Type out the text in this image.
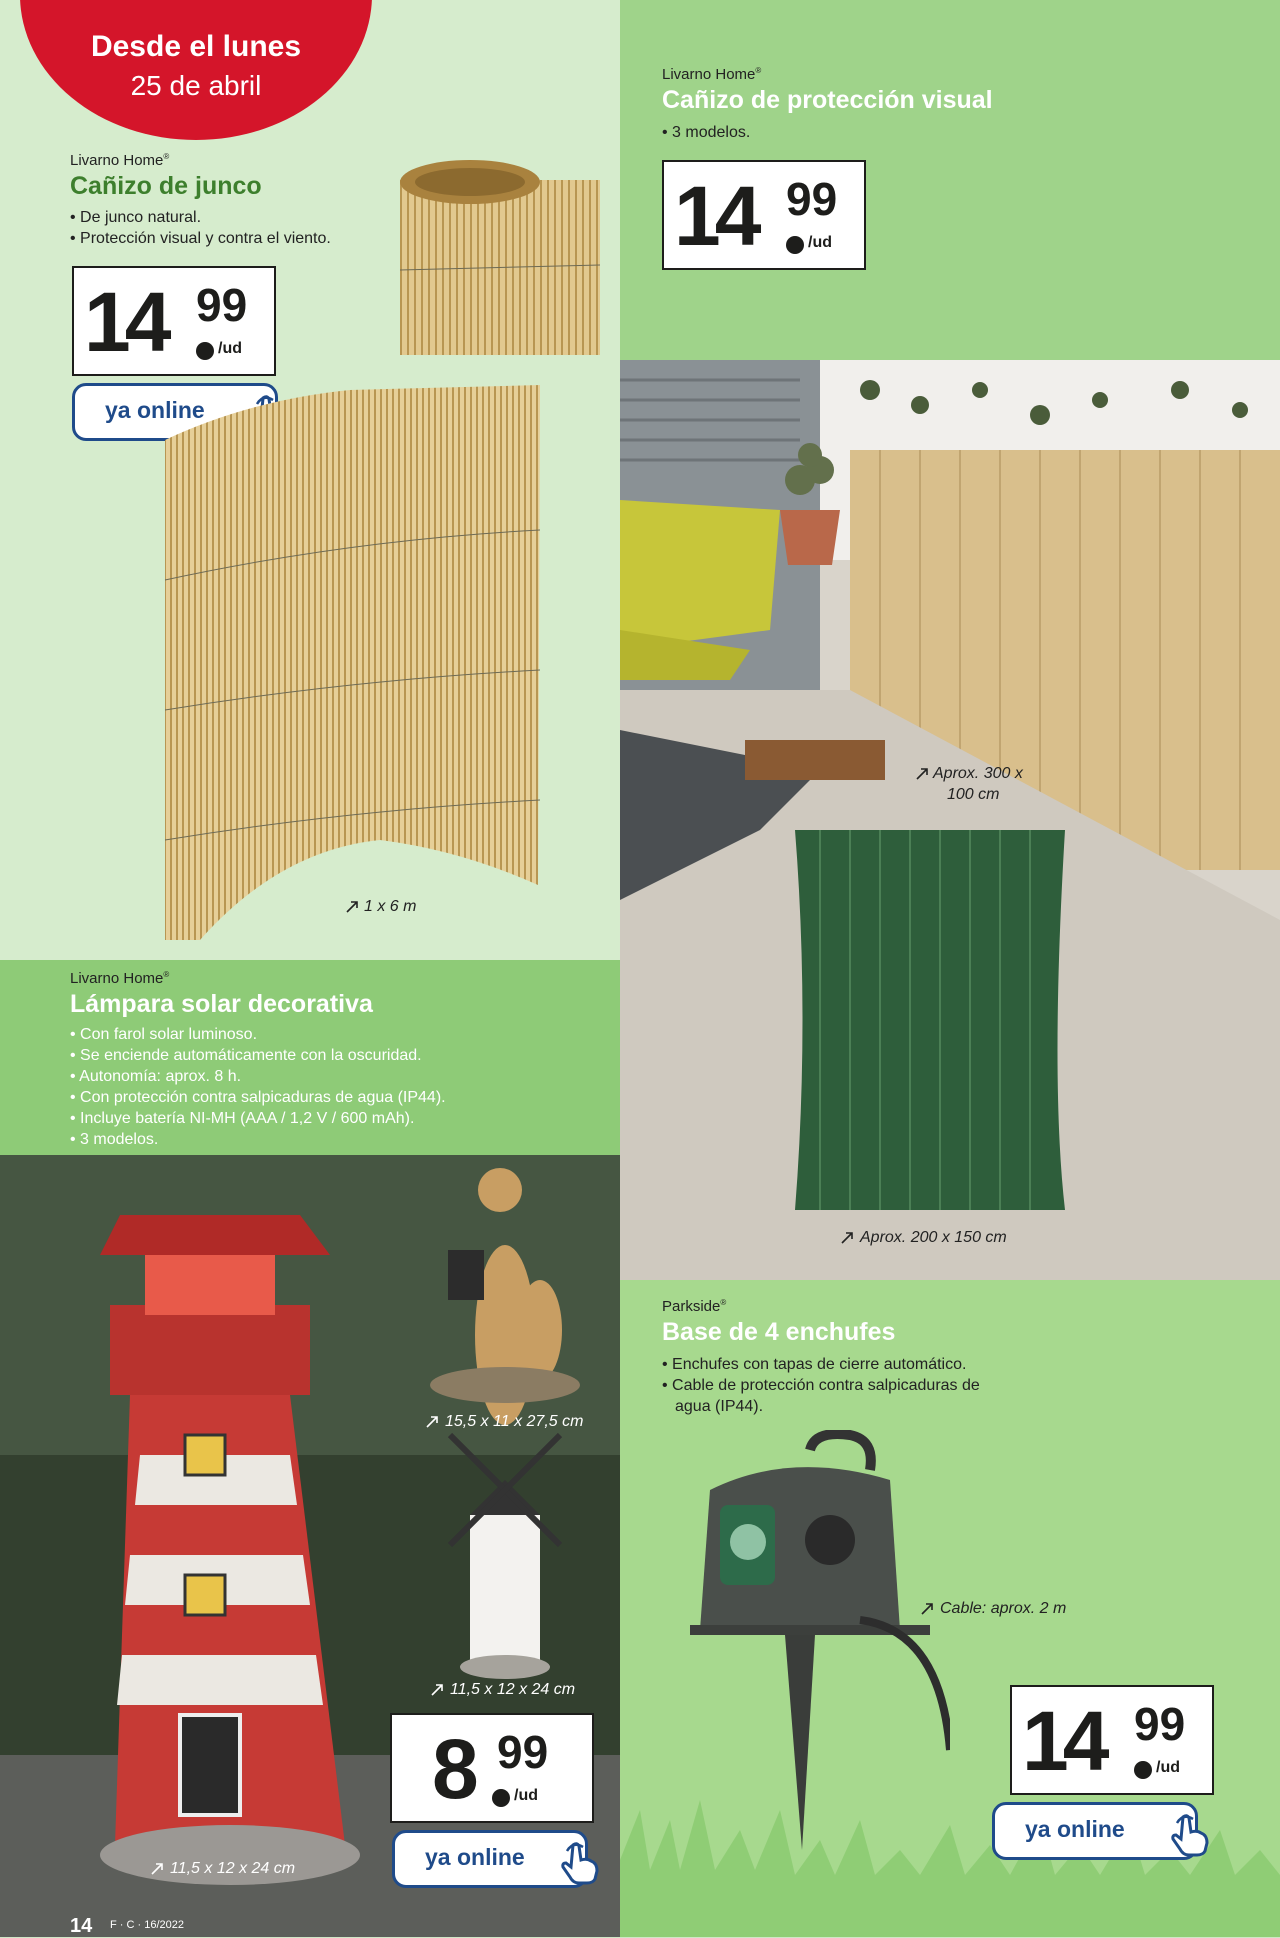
Desde el lunes
25 de abril
Livarno Home®
Cañizo de junco
• De junco natural.
• Protección visual y contra el viento.
14 99
/ud
ya online
1 x 6 m
Livarno Home®
Cañizo de protección visual
• 3 modelos.
14 99
/ud
Aprox. 300 x
100 cm
Aprox. 200 x 150 cm
Livarno Home®
Lámpara solar decorativa
• Con farol solar luminoso.
• Se enciende automáticamente con la oscuridad.
• Autonomía: aprox. 8 h.
• Con protección contra salpicaduras de agua (IP44).
• Incluye batería NI-MH (AAA / 1,2 V / 600 mAh).
• 3 modelos.
15,5 x 11 x 27,5 cm
11,5 x 12 x 24 cm
11,5 x 12 x 24 cm
8 99
/ud
ya online
Parkside®
Base de 4 enchufes
• Enchufes con tapas de cierre automático.
• Cable de protección contra salpicaduras de
agua (IP44).
Cable: aprox. 2 m
14 99
/ud
ya online
14 F · C · 16/2022
